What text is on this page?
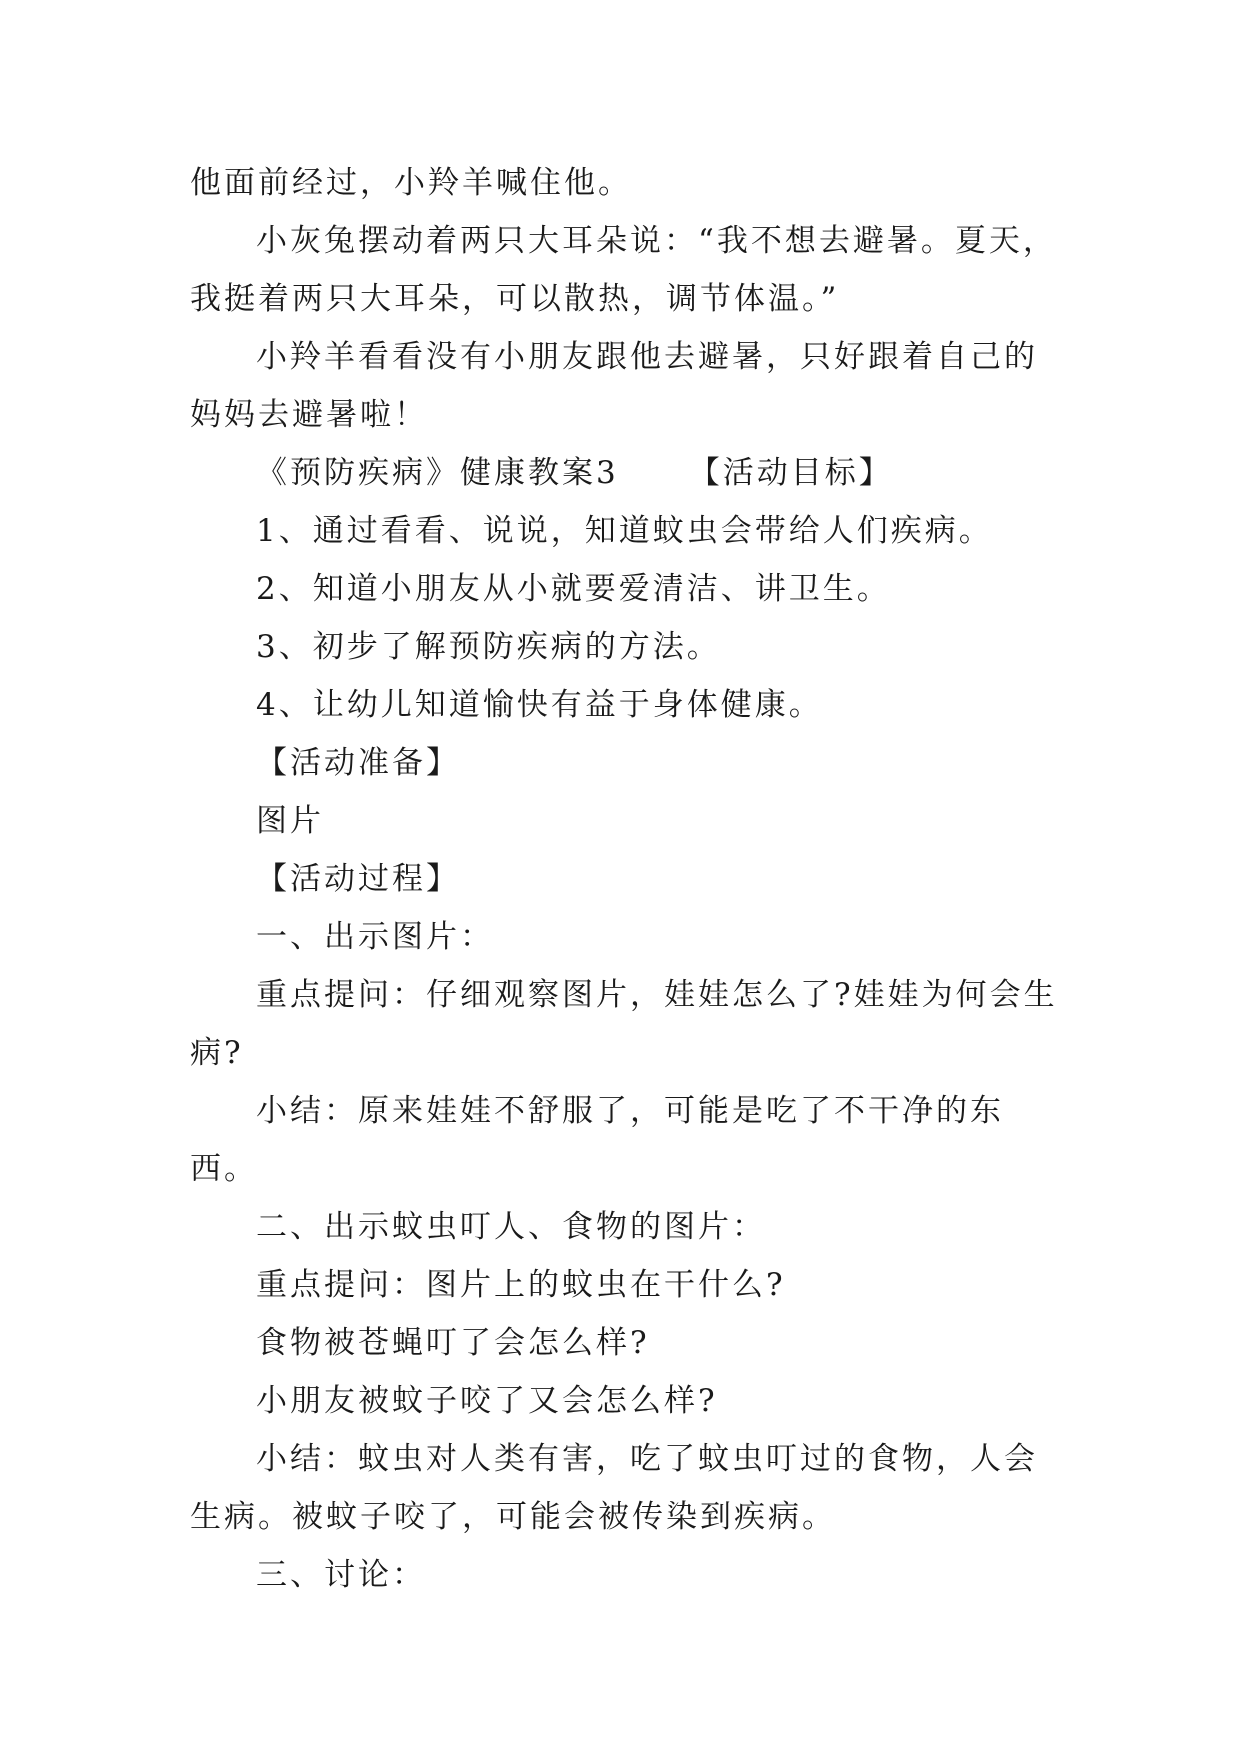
他面前经过，小羚羊喊住他。

小灰兔摆动着两只大耳朵说：“我不想去避暑。夏天，我挺着两只大耳朵，可以散热，调节体温。”

小羚羊看看没有小朋友跟他去避暑，只好跟着自己的妈妈去避暑啦！

《预防疾病》健康教案3 【活动目标】

1、通过看看、说说，知道蚊虫会带给人们疾病。

2、知道小朋友从小就要爱清洁、讲卫生。

3、初步了解预防疾病的方法。

4、让幼儿知道愉快有益于身体健康。

【活动准备】

图片

【活动过程】

一、出示图片：

重点提问：仔细观察图片，娃娃怎么了?娃娃为何会生病?

小结：原来娃娃不舒服了，可能是吃了不干净的东西。

二、出示蚊虫叮人、食物的图片：

重点提问：图片上的蚊虫在干什么?

食物被苍蝇叮了会怎么样?

小朋友被蚊子咬了又会怎么样?

小结：蚊虫对人类有害，吃了蚊虫叮过的食物，人会生病。被蚊子咬了，可能会被传染到疾病。

三、讨论：
